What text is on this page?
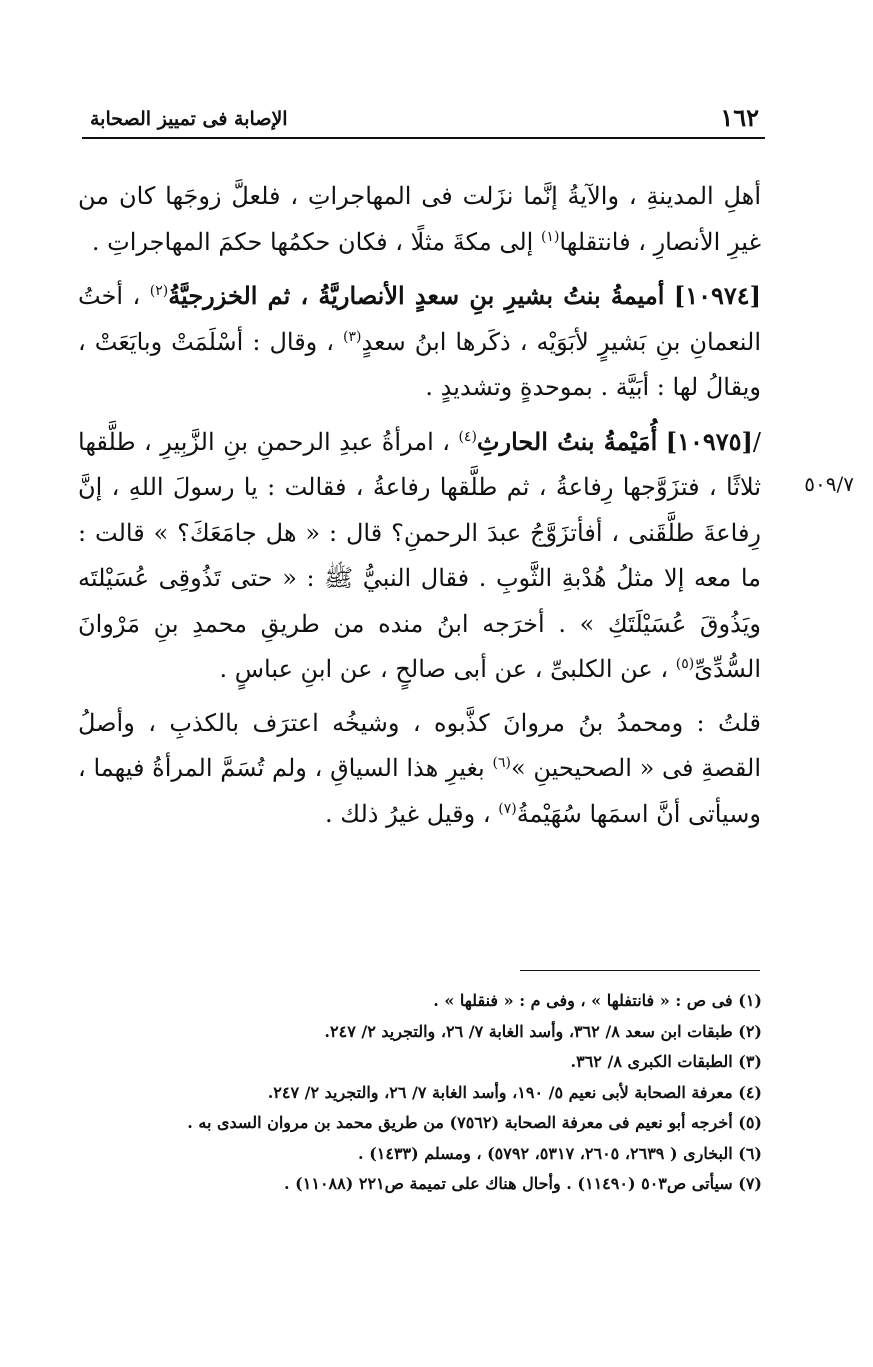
١٦٢
الإصابة فى تمييز الصحابة
٥٠٩/٧

أهلِ المدينةِ ، والآيةُ إنَّما نزَلت فى المهاجراتِ ، فلعلَّ زوجَها كان من غيرِ الأنصارِ ، فانتقلها$^{(١)}$ إلى مكةَ مثلًا ، فكان حكمُها حكمَ المهاجراتِ .

[١٠٩٧٤] أميمةُ بنتُ بشيرِ بنِ سعدٍ الأنصاريَّةُ ، ثم الخزرجيَّةُ$^{(٢)}$ ، أختُ النعمانِ بنِ بَشيرٍ لأبَوَيْه ، ذكَرها ابنُ سعدٍ$^{(٣)}$ ، وقال : أسْلَمَتْ وبايَعَتْ ، ويقالُ لها : أبَيَّة . بموحدةٍ وتشديدٍ .

/[١٠٩٧٥] أُمَيْمةُ بنتُ الحارثِ$^{(٤)}$ ، امرأةُ عبدِ الرحمنِ بنِ الزَّبِيرِ ، طلَّقها ثلاثًا ، فتزَوَّجها رِفاعةُ ، ثم طلَّقها رفاعةُ ، فقالت : يا رسولَ اللهِ ، إنَّ رِفاعةَ طلَّقَنى ، أفأتزَوَّجُ عبدَ الرحمنِ؟ قال : « هل جامَعَكَ؟ » قالت : ما معه إلا مثلُ هُدْبةِ الثَّوبِ . فقال النبيُّ ﷺ : « حتى تَذُوقِى عُسَيْلتَه ويَذُوقَ عُسَيْلَتَكِ » . أخرَجه ابنُ منده من طريقِ محمدِ بنِ مَرْوانَ السُّدِّىِّ$^{(٥)}$ ، عن الكلبىِّ ، عن أبى صالحٍ ، عن ابنِ عباسٍ .

قلتُ : ومحمدُ بنُ مروانَ كذَّبوه ، وشيخُه اعترَف بالكذبِ ، وأصلُ القصةِ فى « الصحيحينِ »$^{(٦)}$ بغيرِ هذا السياقِ ، ولم تُسَمَّ المرأةُ فيهما ، وسيأتى أنَّ اسمَها سُهَيْمةُ$^{(٧)}$ ، وقيل غيرُ ذلك .

(١) فى ص : « فانتفلها » ، وفى م : « فنقلها » .

(٢) طبقات ابن سعد ٨/ ٣٦٢، وأسد الغابة ٧/ ٢٦، والتجريد ٢/ ٢٤٧.

(٣) الطبقات الكبرى ٨/ ٣٦٢.

(٤) معرفة الصحابة لأبى نعيم ٥/ ١٩٠، وأسد الغابة ٧/ ٢٦، والتجريد ٢/ ٢٤٧.

(٥) أخرجه أبو نعيم فى معرفة الصحابة (٧٥٦٢) من طريق محمد بن مروان السدى به .

(٦) البخارى ( ٢٦٣٩، ٢٦٠٥، ٥٣١٧، ٥٧٩٢) ، ومسلم (١٤٣٣) .

(٧) سيأتى ص٥٠٣ (١١٤٩٠) . وأحال هناك على تميمة ص٢٢١ (١١٠٨٨) .
